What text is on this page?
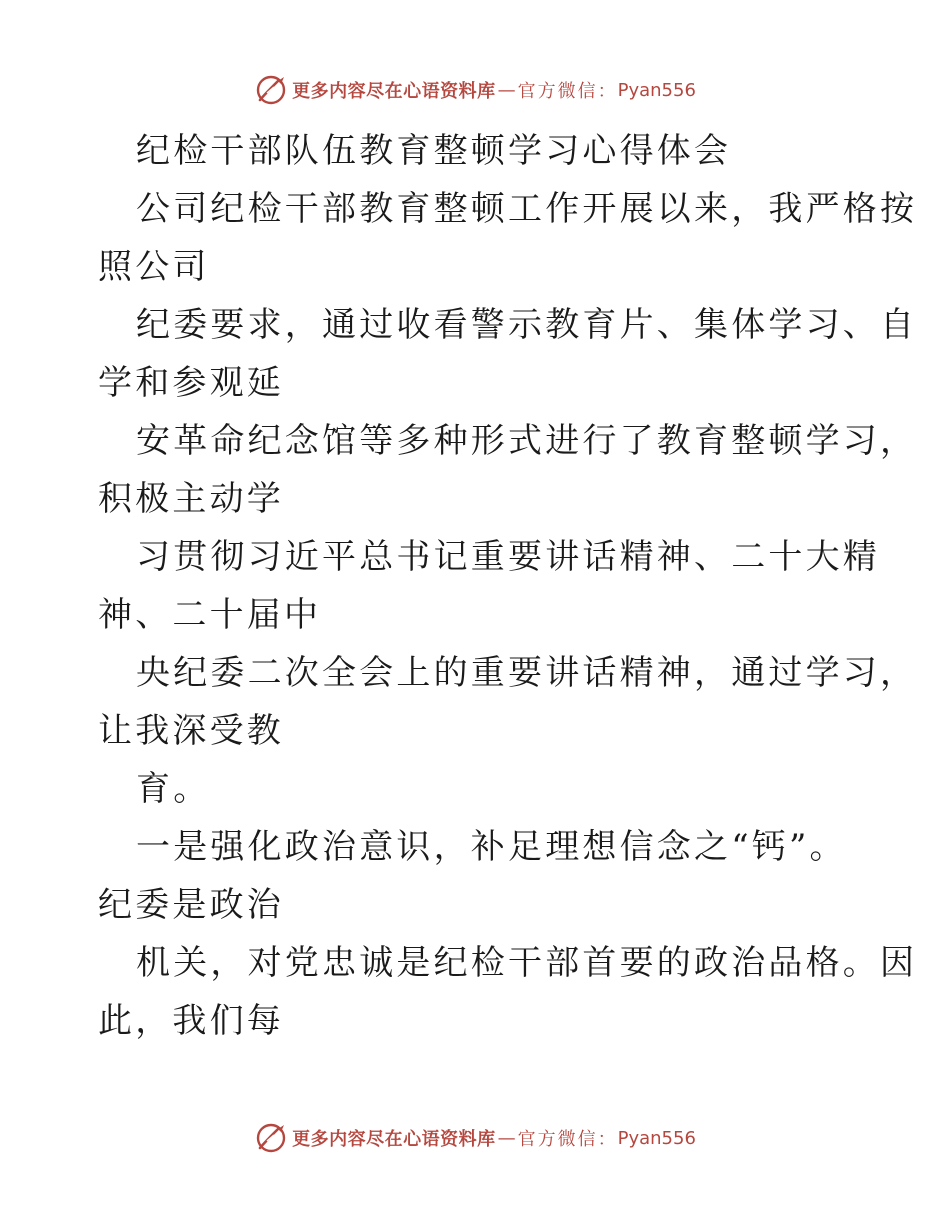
更多内容尽在心语资料库 — 官方微信： Pyan556
纪检干部队伍教育整顿学习心得体会
公司纪检干部教育整顿工作开展以来，我严格按
照公司
纪委要求，通过收看警示教育片、集体学习、自
学和参观延
安革命纪念馆等多种形式进行了教育整顿学习，
积极主动学
习贯彻习近平总书记重要讲话精神、二十大精
神、二十届中
央纪委二次全会上的重要讲话精神，通过学习，
让我深受教
育。
一是强化政治意识，补足理想信念之“钙”。
纪委是政治
机关，对党忠诚是纪检干部首要的政治品格。因
此，我们每
更多内容尽在心语资料库 — 官方微信： Pyan556
